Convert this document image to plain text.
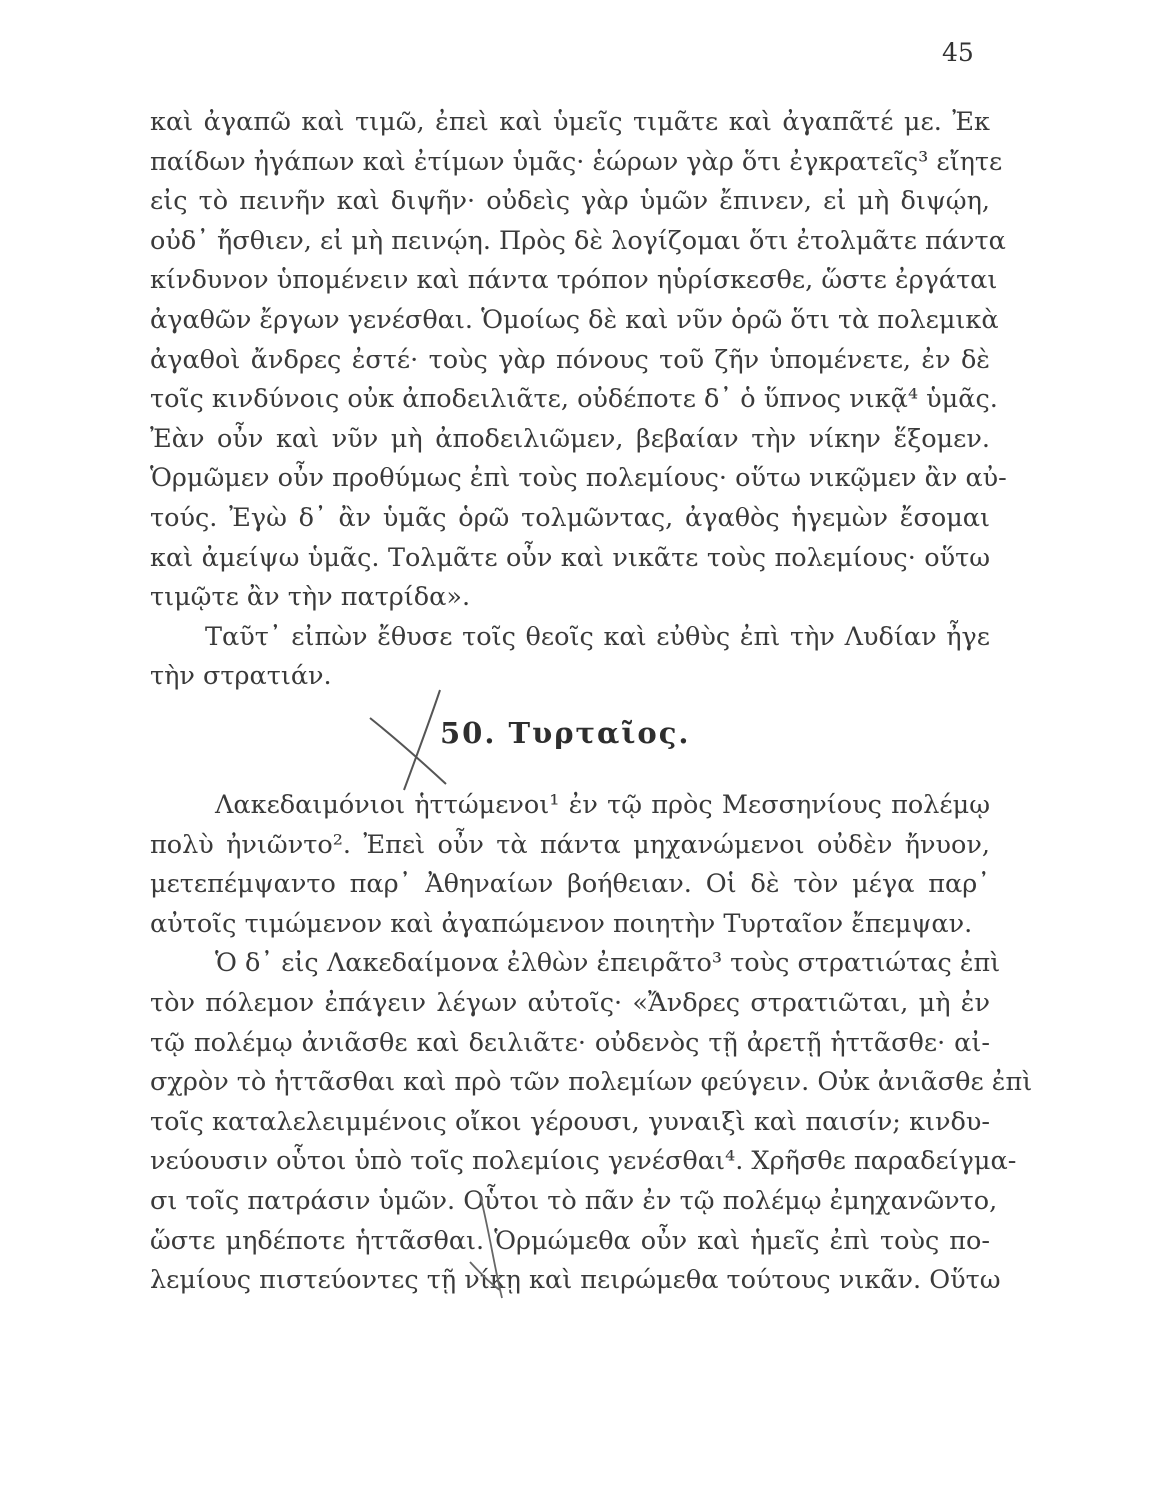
45
καὶ ἀγαπῶ καὶ τιμῶ, ἐπεὶ καὶ ὑμεῖς τιμᾶτε καὶ ἀγαπᾶτέ με. Ἐκ
παίδων ἠγάπων καὶ ἐτίμων ὑμᾶς· ἑώρων γὰρ ὅτι ἐγκρατεῖς³ εἴητε
εἰς τὸ πεινῆν καὶ διψῆν· οὐδεὶς γὰρ ὑμῶν ἔπινεν, εἰ μὴ διψῴη,
οὐδ᾽ ἤσθιεν, εἰ μὴ πεινῴη. Πρὸς δὲ λογίζομαι ὅτι ἐτολμᾶτε πάντα
κίνδυνον ὑπομένειν καὶ πάντα τρόπον ηὑρίσκεσθε, ὥστε ἐργάται
ἀγαθῶν ἔργων γενέσθαι. Ὁμοίως δὲ καὶ νῦν ὁρῶ ὅτι τὰ πολεμικὰ
ἀγαθοὶ ἄνδρες ἐστέ· τοὺς γὰρ πόνους τοῦ ζῆν ὑπομένετε, ἐν δὲ
τοῖς κινδύνοις οὐκ ἀποδειλιᾶτε, οὐδέποτε δ᾽ ὁ ὕπνος νικᾷ⁴ ὑμᾶς.
Ἐὰν οὖν καὶ νῦν μὴ ἀποδειλιῶμεν, βεβαίαν τὴν νίκην ἕξομεν.
Ὁρμῶμεν οὖν προθύμως ἐπὶ τοὺς πολεμίους· οὕτω νικῷμεν ἂν αὐ-
τούς. Ἐγὼ δ᾽ ἂν ὑμᾶς ὁρῶ τολμῶντας, ἀγαθὸς ἡγεμὼν ἔσομαι
καὶ ἀμείψω ὑμᾶς. Τολμᾶτε οὖν καὶ νικᾶτε τοὺς πολεμίους· οὕτω
τιμῷτε ἂν τὴν πατρίδα».
Ταῦτ᾽ εἰπὼν ἔθυσε τοῖς θεοῖς καὶ εὐθὺς ἐπὶ τὴν Λυδίαν ἦγε
τὴν στρατιάν.
50. Τυρταῖος.
Λακεδαιμόνιοι ἡττώμενοι¹ ἐν τῷ πρὸς Μεσσηνίους πολέμῳ
πολὺ ἠνιῶντο². Ἐπεὶ οὖν τὰ πάντα μηχανώμενοι οὐδὲν ἤνυον,
μετεπέμψαντο παρ᾽ Ἀθηναίων βοήθειαν. Οἱ δὲ τὸν μέγα παρ᾽
αὐτοῖς τιμώμενον καὶ ἀγαπώμενον ποιητὴν Τυρταῖον ἔπεμψαν.
Ὁ δ᾽ εἰς Λακεδαίμονα ἐλθὼν ἐπειρᾶτο³ τοὺς στρατιώτας ἐπὶ
τὸν πόλεμον ἐπάγειν λέγων αὐτοῖς· «Ἄνδρες στρατιῶται, μὴ ἐν
τῷ πολέμῳ ἀνιᾶσθε καὶ δειλιᾶτε· οὐδενὸς τῇ ἀρετῇ ἡττᾶσθε· αἰ-
σχρὸν τὸ ἡττᾶσθαι καὶ πρὸ τῶν πολεμίων φεύγειν. Οὐκ ἀνιᾶσθε ἐπὶ
τοῖς καταλελειμμένοις οἴκοι γέρουσι, γυναιξὶ καὶ παισίν; κινδυ-
νεύουσιν οὗτοι ὑπὸ τοῖς πολεμίοις γενέσθαι⁴. Χρῆσθε παραδείγμα-
σι τοῖς πατράσιν ὑμῶν. Οὗτοι τὸ πᾶν ἐν τῷ πολέμῳ ἐμηχανῶντο,
ὥστε μηδέποτε ἡττᾶσθαι. Ὁρμώμεθα οὖν καὶ ἡμεῖς ἐπὶ τοὺς πο-
λεμίους πιστεύοντες τῇ νίκῃ καὶ πειρώμεθα τούτους νικᾶν. Οὕτω
